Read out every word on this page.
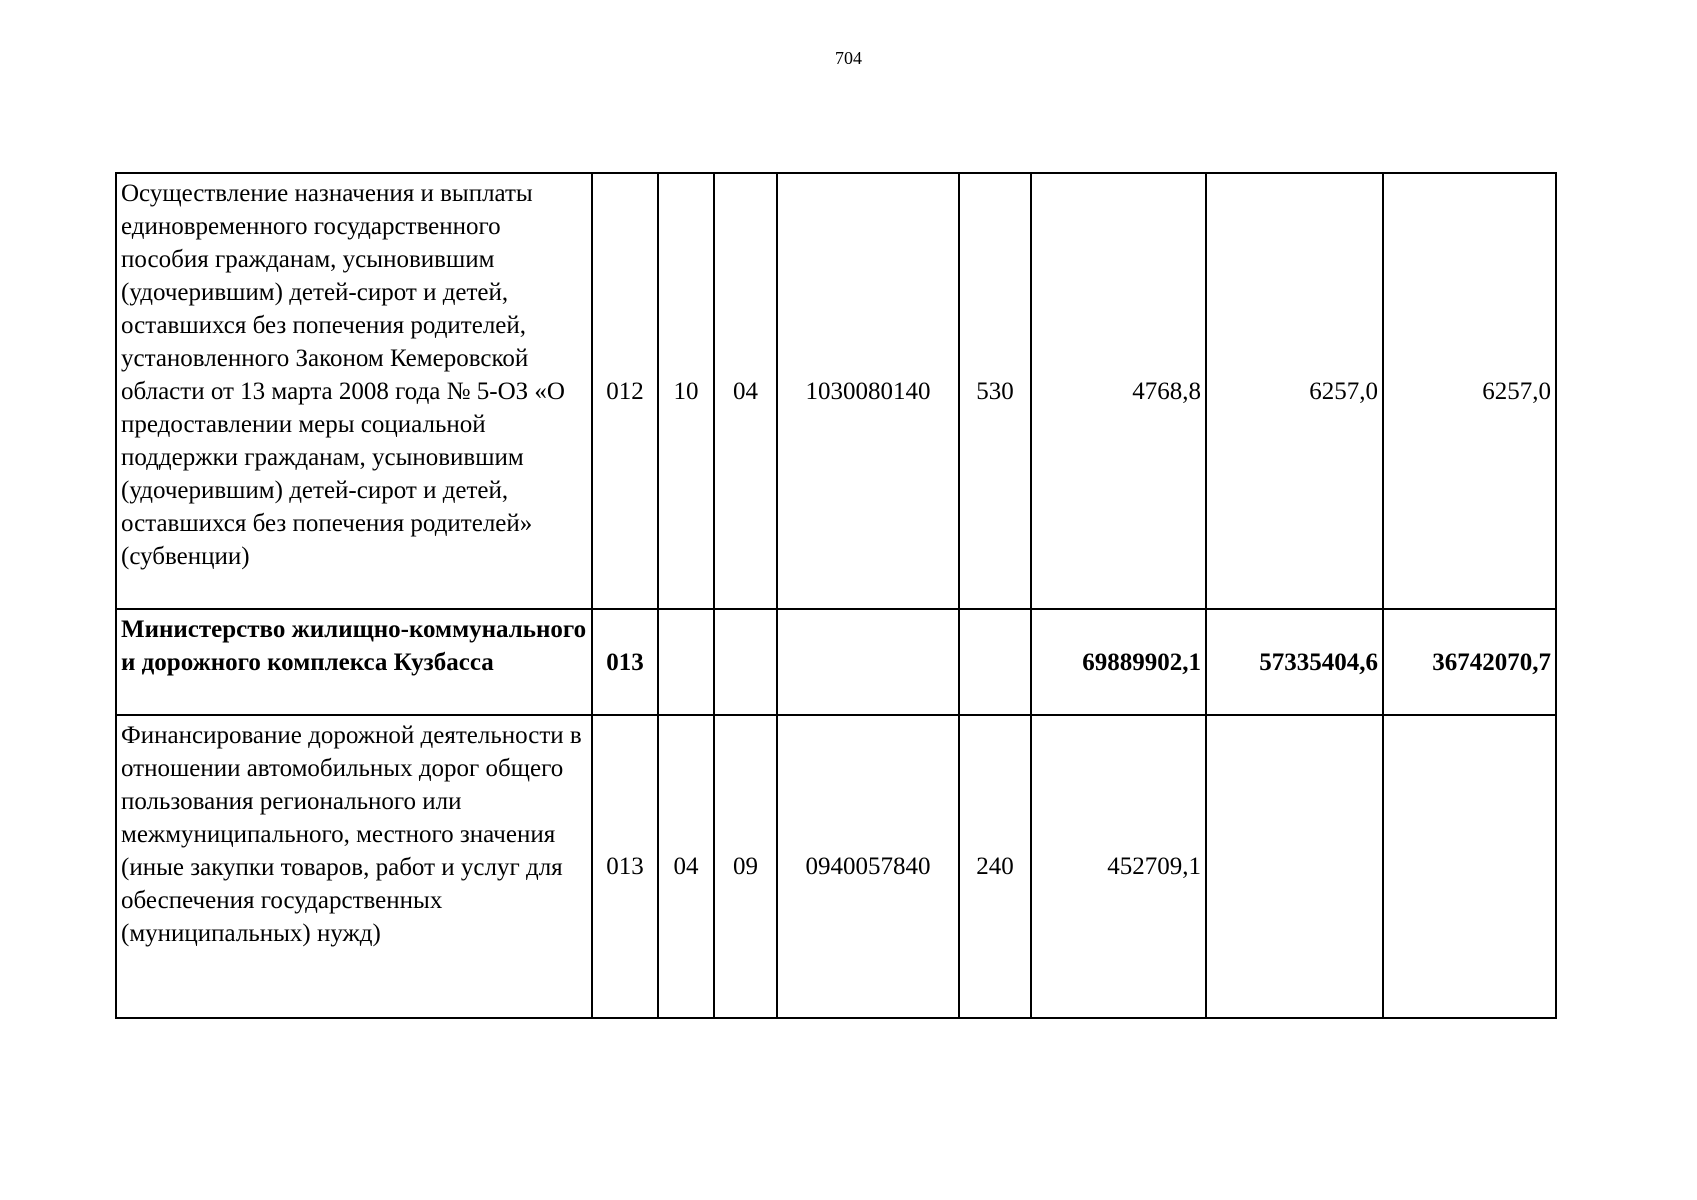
704
Осуществление назначения и выплаты единовременного государственного пособия гражданам, усыновившим (удочерившим) детей-сирот и детей, оставшихся без попечения родителей, установленного Законом Кемеровской области от 13 марта 2008 года № 5-ОЗ «О предоставлении меры социальной поддержки гражданам, усыновившим (удочерившим) детей-сирот и детей, оставшихся без попечения родителей» (субвенции)	012	10	04	1030080140	530	4768,8	6257,0	6257,0
Министерство жилищно-коммунального и дорожного комплекса Кузбасса	013					69889902,1	57335404,6	36742070,7
Финансирование дорожной деятельности в отношении автомобильных дорог общего пользования регионального или межмуниципального, местного значения (иные закупки товаров, работ и услуг для обеспечения государственных (муниципальных) нужд)	013	04	09	0940057840	240	452709,1		
